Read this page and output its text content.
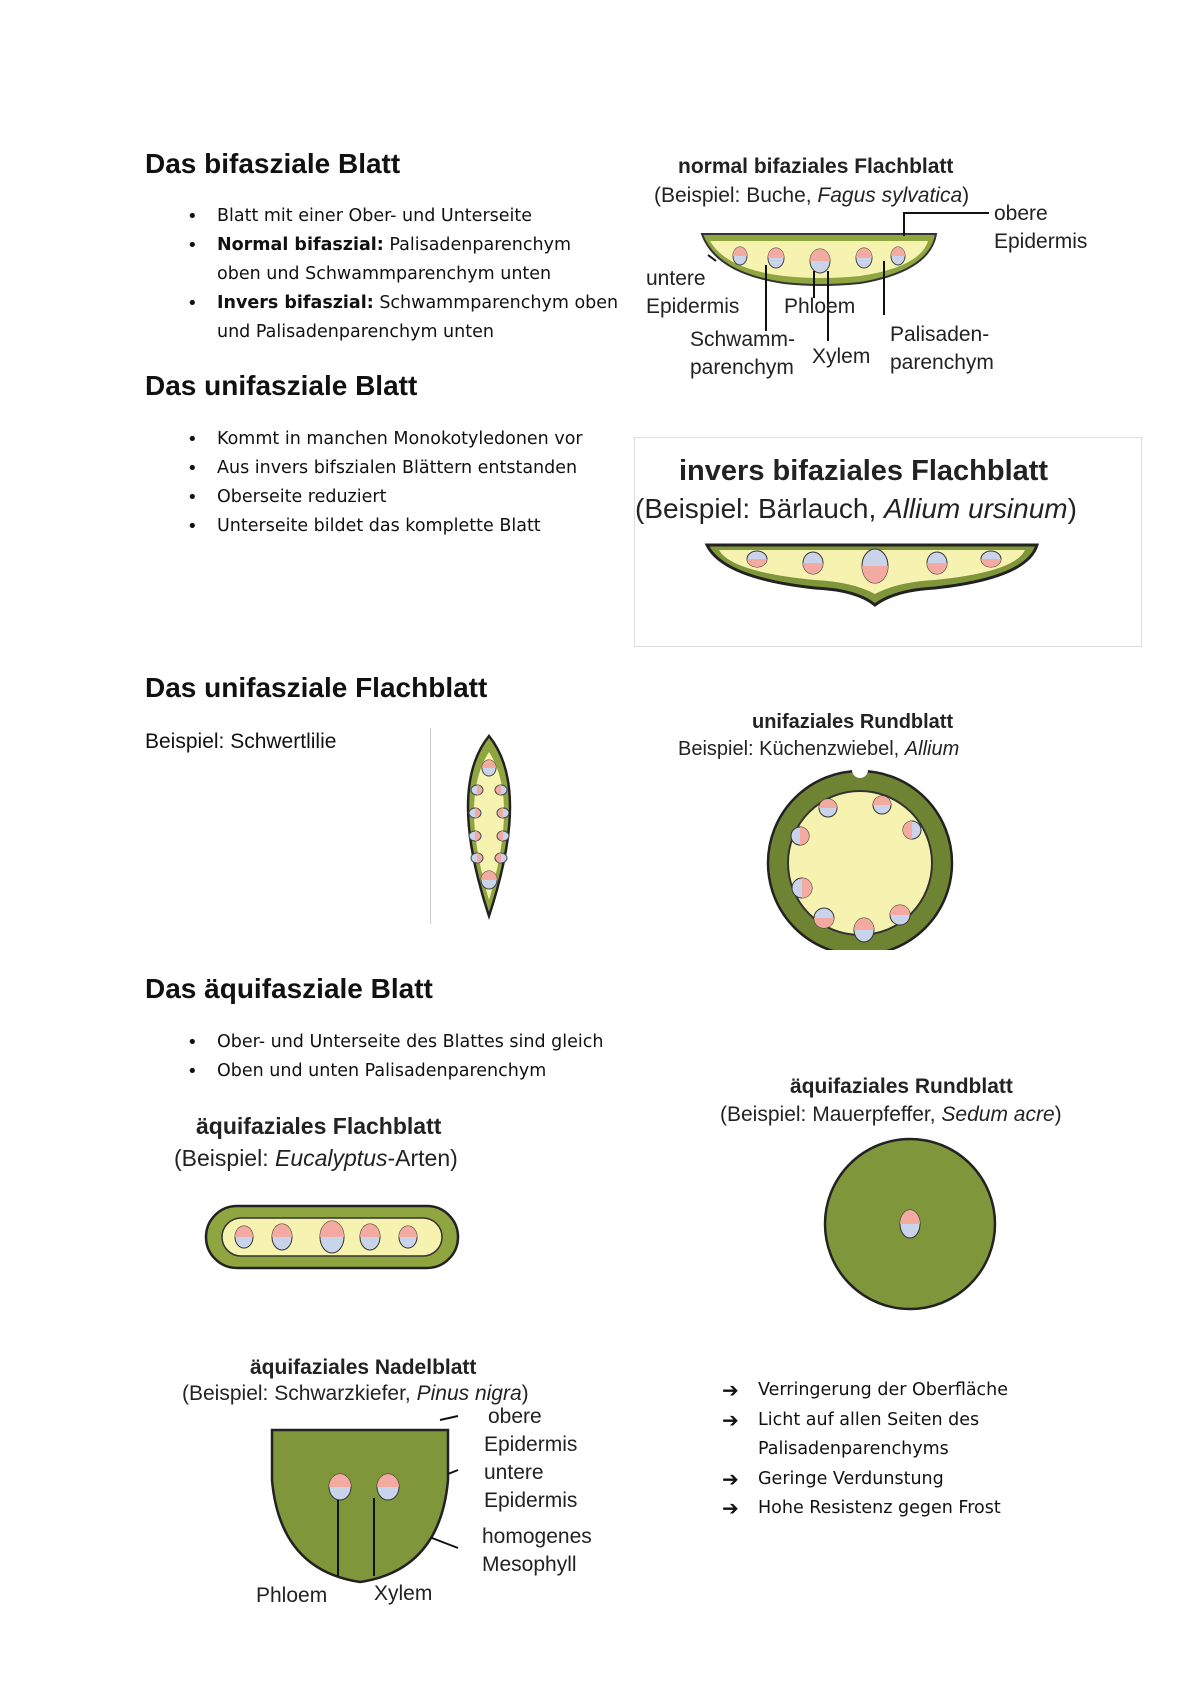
Das bifasziale Blatt
• Blatt mit einer Ober- und Unterseite
• Normal bifaszial: Palisadenparenchym
oben und Schwammparenchym unten
• Invers bifaszial: Schwammparenchym oben
und Palisadenparenchym unten
Das unifasziale Blatt
• Kommt in manchen Monokotyledonen vor
• Aus invers bifszialen Blättern entstanden
• Oberseite reduziert
• Unterseite bildet das komplette Blatt
Das unifasziale Flachblatt
Beispiel: Schwertlilie
Das äquifasziale Blatt
• Ober- und Unterseite des Blattes sind gleich
• Oben und unten Palisadenparenchym
➔ Verringerung der Oberfläche
➔ Licht auf allen Seiten des
Palisadenparenchyms
➔ Geringe Verdunstung
➔ Hohe Resistenz gegen Frost
normal bifaziales Flachblatt
(Beispiel: Buche, Fagus sylvatica)
obere
Epidermis
untere
Epidermis Phloem
Schwamm-
parenchym Xylem
Palisaden-
parenchym
invers bifaziales Flachblatt
(Beispiel: Bärlauch, Allium ursinum)
unifaziales Rundblatt
Beispiel: Küchenzwiebel, Allium
äquifaziales Flachblatt
(Beispiel: Eucalyptus-Arten)
äquifaziales Rundblatt
(Beispiel: Mauerpfeffer, Sedum acre)
äquifaziales Nadelblatt
(Beispiel: Schwarzkiefer, Pinus nigra)
obere
Epidermis
untere
Epidermis
homogenes
Mesophyll
Phloem Xylem
